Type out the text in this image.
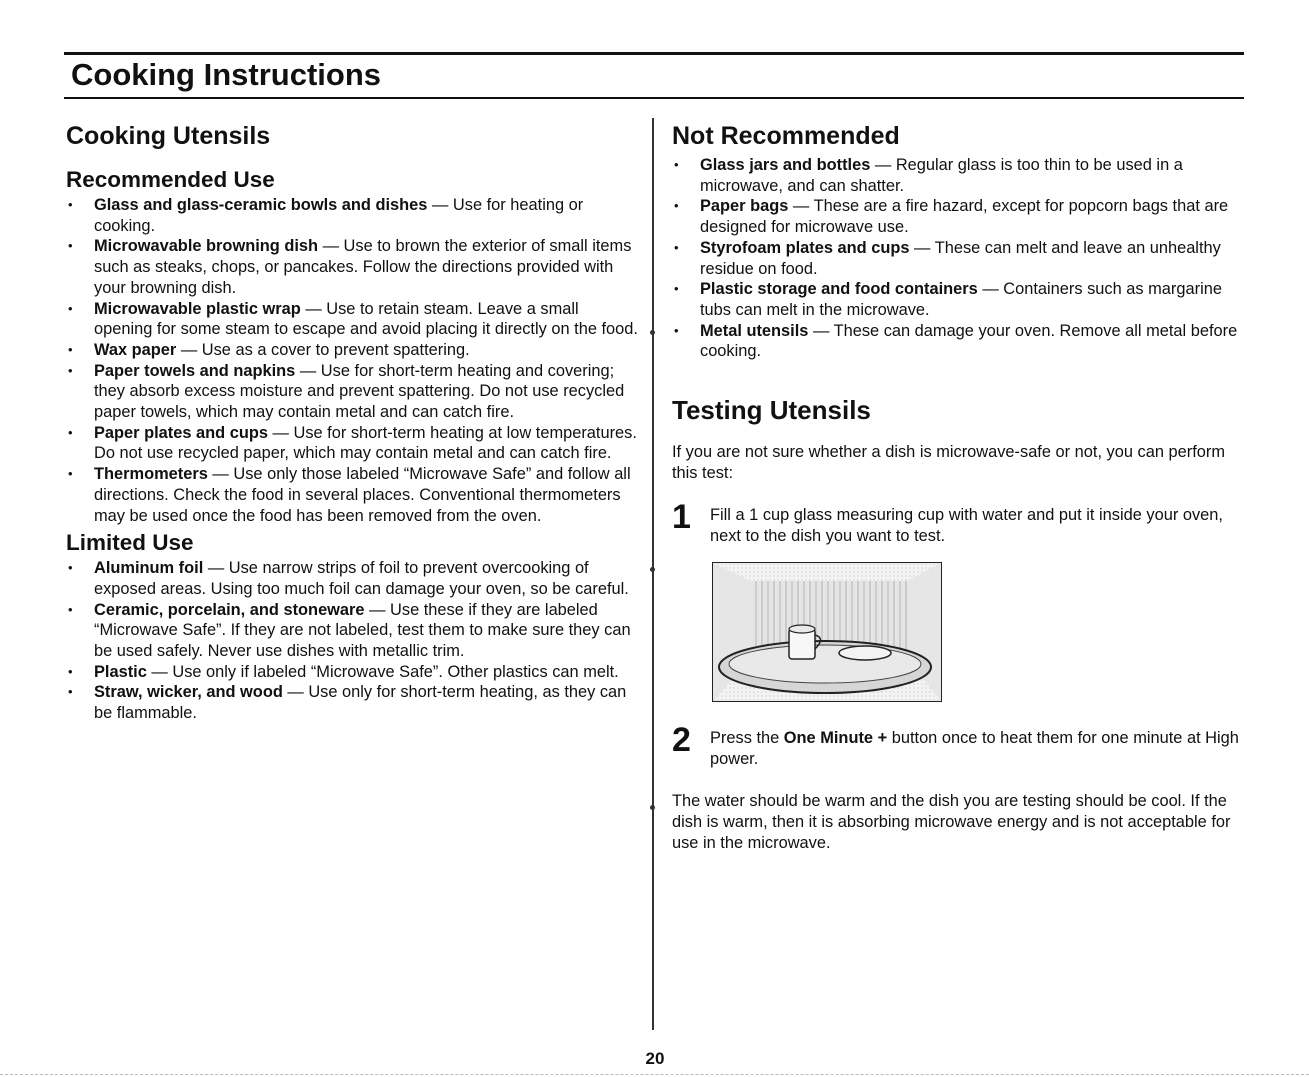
Cooking Instructions
Cooking Utensils
Recommended Use
• Glass and glass-ceramic bowls and dishes — Use for heating or cooking.
• Microwavable browning dish — Use to brown the exterior of small items such as steaks, chops, or pancakes. Follow the directions provided with your browning dish.
• Microwavable plastic wrap — Use to retain steam. Leave a small opening for some steam to escape and avoid placing it directly on the food.
• Wax paper — Use as a cover to prevent spattering.
• Paper towels and napkins — Use for short-term heating and covering; they absorb excess moisture and prevent spattering. Do not use recycled paper towels, which may contain metal and can catch fire.
• Paper plates and cups — Use for short-term heating at low temperatures. Do not use recycled paper, which may contain metal and can catch fire.
• Thermometers — Use only those labeled “Microwave Safe” and follow all directions. Check the food in several places. Conventional thermometers may be used once the food has been removed from the oven.
Limited Use
• Aluminum foil — Use narrow strips of foil to prevent overcooking of exposed areas. Using too much foil can damage your oven, so be careful.
• Ceramic, porcelain, and stoneware — Use these if they are labeled “Microwave Safe”. If they are not labeled, test them to make sure they can be used safely. Never use dishes with metallic trim.
• Plastic — Use only if labeled “Microwave Safe”. Other plastics can melt.
• Straw, wicker, and wood — Use only for short-term heating, as they can be flammable.
Not Recommended
• Glass jars and bottles — Regular glass is too thin to be used in a microwave, and can shatter.
• Paper bags — These are a fire hazard, except for popcorn bags that are designed for microwave use.
• Styrofoam plates and cups — These can melt and leave an unhealthy residue on food.
• Plastic storage and food containers — Containers such as margarine tubs can melt in the microwave.
• Metal utensils — These can damage your oven. Remove all metal before cooking.
Testing Utensils

If you are not sure whether a dish is microwave-safe or not, you can perform this test:

1 Fill a 1 cup glass measuring cup with water and put it inside your oven, next to the dish you want to test.
2 Press the One Minute + button once to heat them for one minute at High power.

The water should be warm and the dish you are testing should be cool. If the dish is warm, then it is absorbing microwave energy and is not acceptable for use in the microwave.

20
